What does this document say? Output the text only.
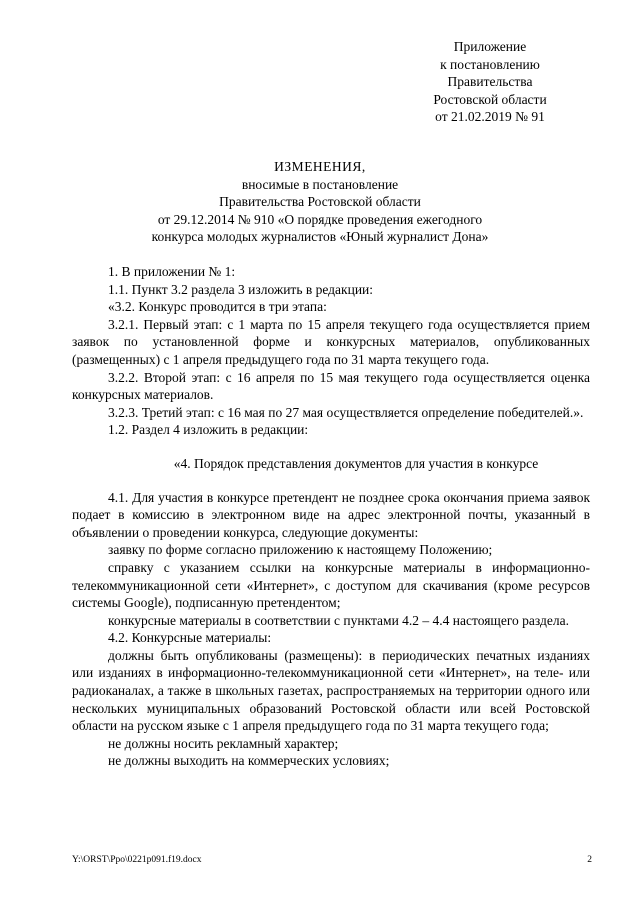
Приложение
к постановлению
Правительства
Ростовской области
от 21.02.2019 № 91
ИЗМЕНЕНИЯ,
вносимые в постановление
Правительства Ростовской области
от 29.12.2014 № 910 «О порядке проведения ежегодного
конкурса молодых журналистов «Юный журналист Дона»

1. В приложении № 1:

1.1. Пункт 3.2 раздела 3 изложить в редакции:

«3.2. Конкурс проводится в три этапа:

3.2.1. Первый этап: с 1 марта по 15 апреля текущего года осуществляется прием заявок по установленной форме и конкурсных материалов, опубликованных (размещенных) с 1 апреля предыдущего года по 31 марта текущего года.

3.2.2. Второй этап: с 16 апреля по 15 мая текущего года осуществляется оценка конкурсных материалов.

3.2.3. Третий этап: с 16 мая по 27 мая осуществляется определение победителей.».

1.2. Раздел 4 изложить в редакции:

«4. Порядок представления документов для участия в конкурсе

4.1. Для участия в конкурсе претендент не позднее срока окончания приема заявок подает в комиссию в электронном виде на адрес электронной почты, указанный в объявлении о проведении конкурса, следующие документы:

заявку по форме согласно приложению к настоящему Положению;

справку с указанием ссылки на конкурсные материалы в информационно-телекоммуникационной сети «Интернет», с доступом для скачивания (кроме ресурсов системы Google), подписанную претендентом;

конкурсные материалы в соответствии с пунктами 4.2 – 4.4 настоящего раздела.

4.2. Конкурсные материалы:

должны быть опубликованы (размещены): в периодических печатных изданиях или изданиях в информационно-телекоммуникационной сети «Интернет», на теле- или радиоканалах, а также в школьных газетах, распространяемых на территории одного или нескольких муниципальных образований Ростовской области или всей Ростовской области на русском языке с 1 апреля предыдущего года по 31 марта текущего года;

не должны носить рекламный характер;

не должны выходить на коммерческих условиях;

Y:\ORST\Ppo\0221p091.f19.docx	2
